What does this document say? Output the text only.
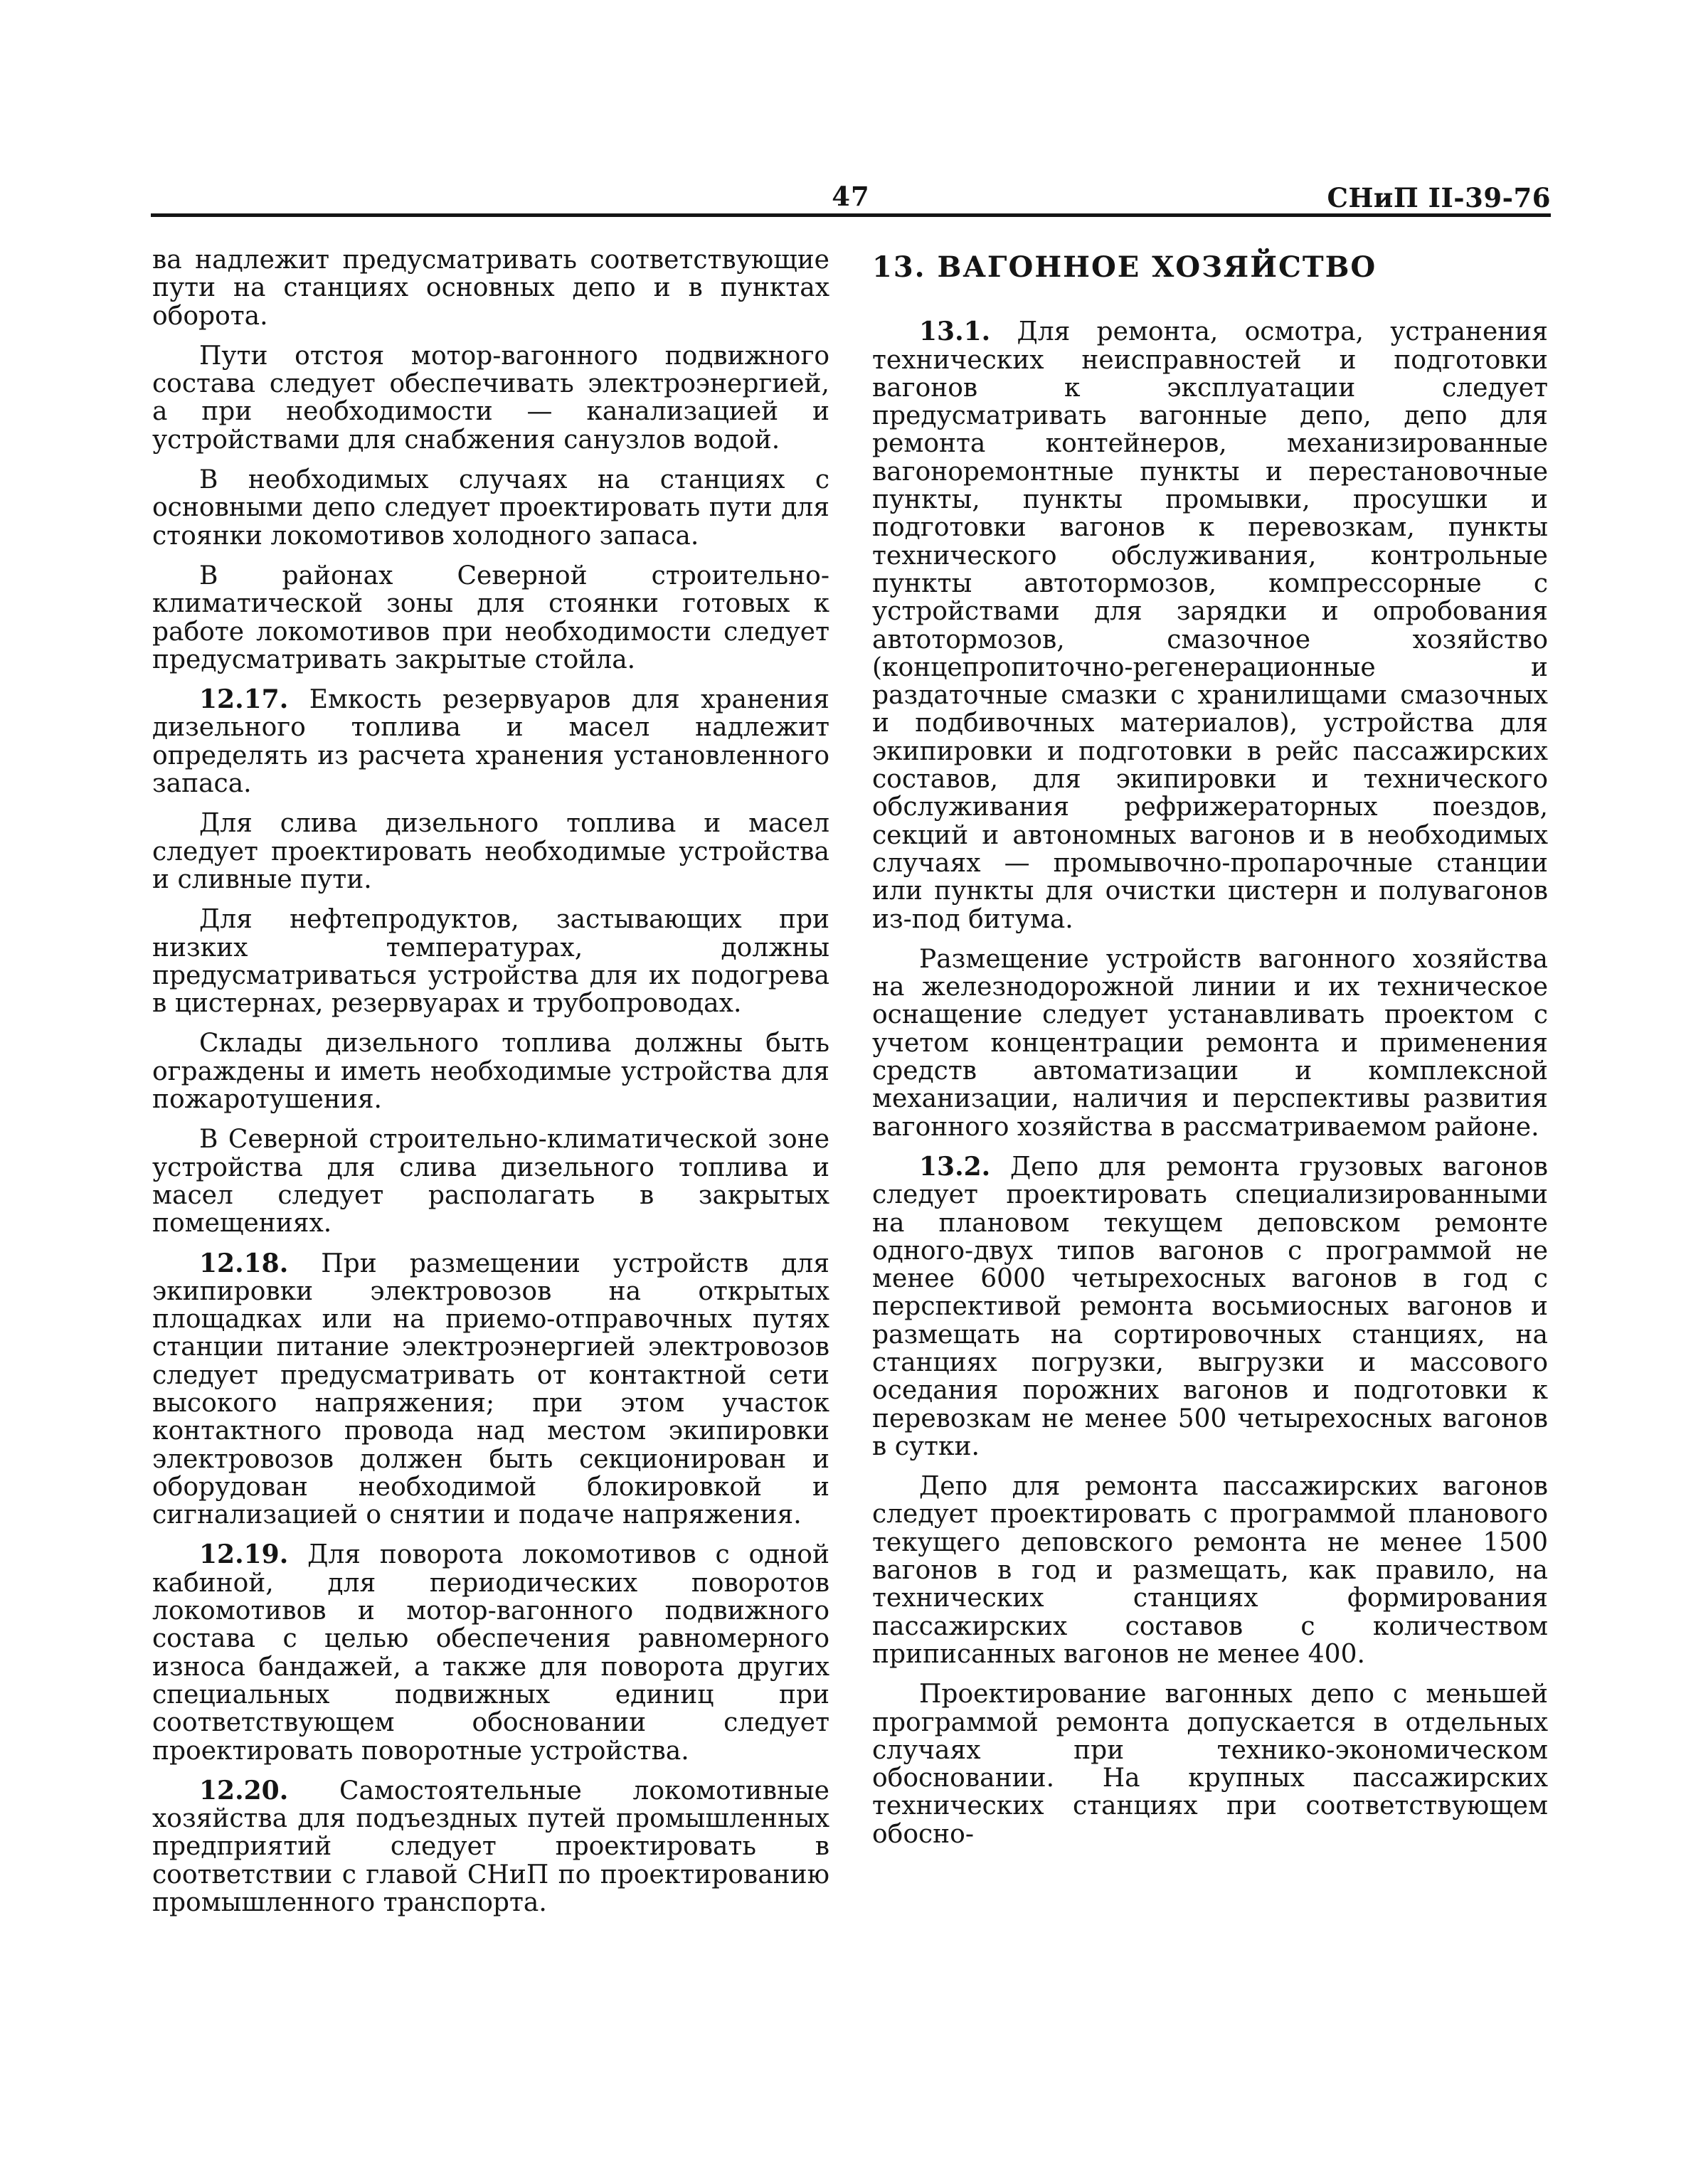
47	СНиП II-39-76

ва надлежит предусматривать соответствующие пути на станциях основных депо и в пунктах оборота.

Пути отстоя мотор-вагонного подвижного состава следует обеспечивать электроэнергией, а при необходимости — канализацией и устройствами для снабжения санузлов водой.

В необходимых случаях на станциях с основными депо следует проектировать пути для стоянки локомотивов холодного запаса.

В районах Северной строительно-климатической зоны для стоянки готовых к работе локомотивов при необходимости следует предусматривать закрытые стойла.

12.17. Емкость резервуаров для хранения дизельного топлива и масел надлежит определять из расчета хранения установленного запаса.

Для слива дизельного топлива и масел следует проектировать необходимые устройства и сливные пути.

Для нефтепродуктов, застывающих при низких температурах, должны предусматриваться устройства для их подогрева в цистернах, резервуарах и трубопроводах.

Склады дизельного топлива должны быть ограждены и иметь необходимые устройства для пожаротушения.

В Северной строительно-климатической зоне устройства для слива дизельного топлива и масел следует располагать в закрытых помещениях.

12.18. При размещении устройств для экипировки электровозов на открытых площадках или на приемо-отправочных путях станции питание электроэнергией электровозов следует предусматривать от контактной сети высокого напряжения; при этом участок контактного провода над местом экипировки электровозов должен быть секционирован и оборудован необходимой блокировкой и сигнализацией о снятии и подаче напряжения.

12.19. Для поворота локомотивов с одной кабиной, для периодических поворотов локомотивов и мотор-вагонного подвижного состава с целью обеспечения равномерного износа бандажей, а также для поворота других специальных подвижных единиц при соответствующем обосновании следует проектировать поворотные устройства.

12.20. Самостоятельные локомотивные хозяйства для подъездных путей промышленных предприятий следует проектировать в соответствии с главой СНиП по проектированию промышленного транспорта.

13. ВАГОННОЕ ХОЗЯЙСТВО

13.1. Для ремонта, осмотра, устранения технических неисправностей и подготовки вагонов к эксплуатации следует предусматривать вагонные депо, депо для ремонта контейнеров, механизированные вагоноремонтные пункты и перестановочные пункты, пункты промывки, просушки и подготовки вагонов к перевозкам, пункты технического обслуживания, контрольные пункты автотормозов, компрессорные с устройствами для зарядки и опробования автотормозов, смазочное хозяйство (концепропиточно-регенерационные и раздаточные смазки с хранилищами смазочных и подбивочных материалов), устройства для экипировки и подготовки в рейс пассажирских составов, для экипировки и технического обслуживания рефрижераторных поездов, секций и автономных вагонов и в необходимых случаях — промывочно-пропарочные станции или пункты для очистки цистерн и полувагонов из-под битума.

Размещение устройств вагонного хозяйства на железнодорожной линии и их техническое оснащение следует устанавливать проектом с учетом концентрации ремонта и применения средств автоматизации и комплексной механизации, наличия и перспективы развития вагонного хозяйства в рассматриваемом районе.

13.2. Депо для ремонта грузовых вагонов следует проектировать специализированными на плановом текущем деповском ремонте одного-двух типов вагонов с программой не менее 6000 четырехосных вагонов в год с перспективой ремонта восьмиосных вагонов и размещать на сортировочных станциях, на станциях погрузки, выгрузки и массового оседания порожних вагонов и подготовки к перевозкам не менее 500 четырехосных вагонов в сутки.

Депо для ремонта пассажирских вагонов следует проектировать с программой планового текущего деповского ремонта не менее 1500 вагонов в год и размещать, как правило, на технических станциях формирования пассажирских составов с количеством приписанных вагонов не менее 400.

Проектирование вагонных депо с меньшей программой ремонта допускается в отдельных случаях при технико-экономическом обосновании. На крупных пассажирских технических станциях при соответствующем обосно-
